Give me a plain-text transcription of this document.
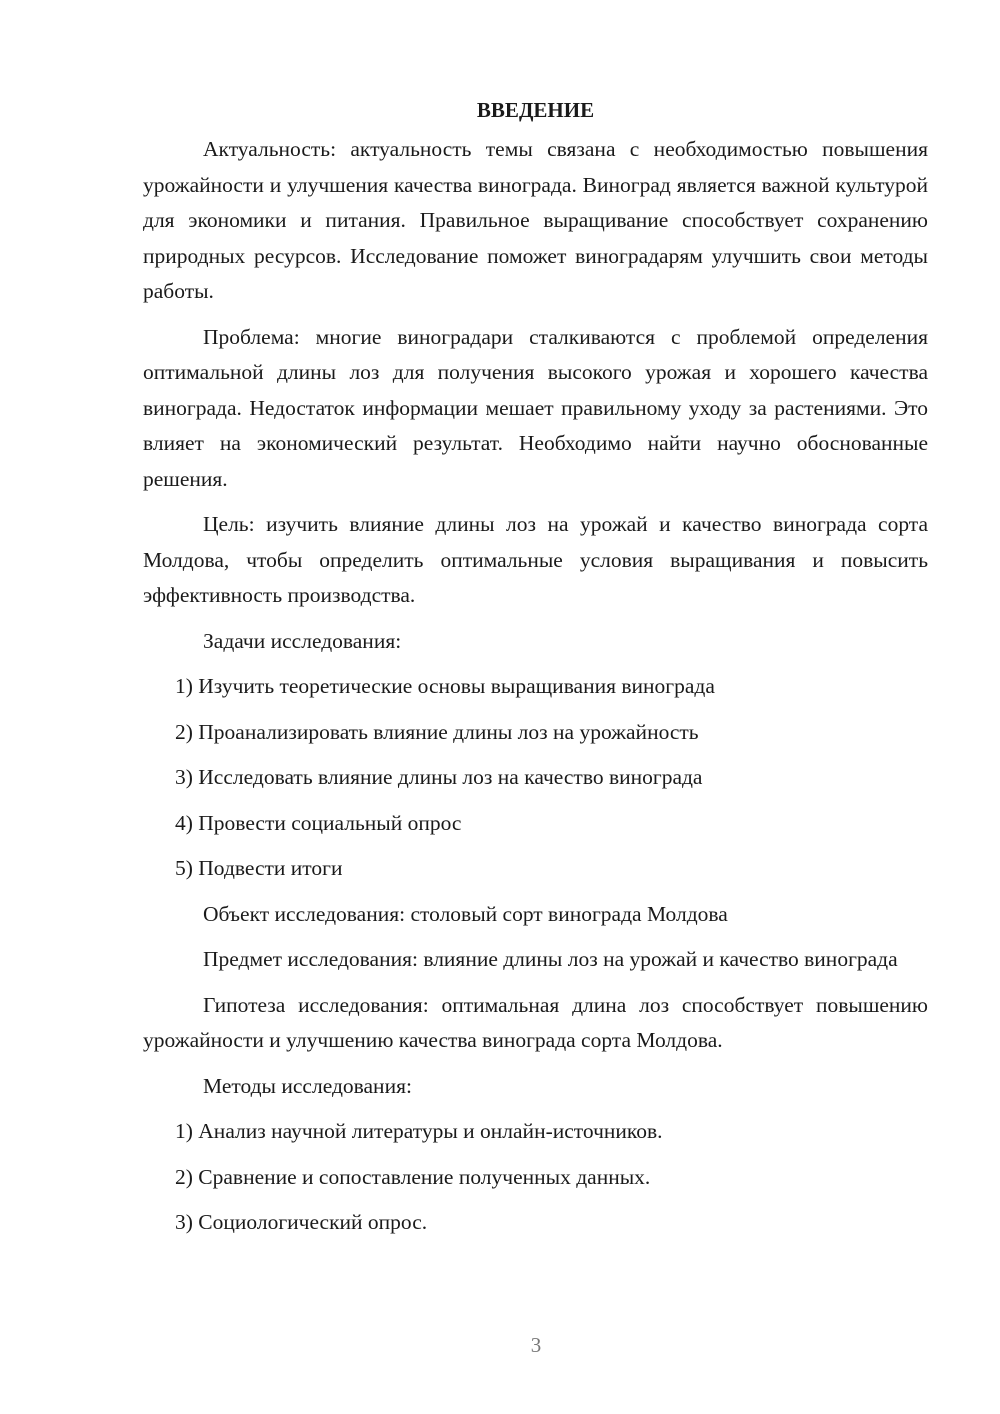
ВВЕДЕНИЕ

Актуальность: актуальность темы связана с необходимостью повышения урожайности и улучшения качества винограда. Виноград является важной культурой для экономики и питания. Правильное выращивание способствует сохранению природных ресурсов. Исследование поможет виноградарям улучшить свои методы работы.

Проблема: многие виноградари сталкиваются с проблемой определения оптимальной длины лоз для получения высокого урожая и хорошего качества винограда. Недостаток информации мешает правильному уходу за растениями. Это влияет на экономический результат. Необходимо найти научно обоснованные решения.

Цель: изучить влияние длины лоз на урожай и качество винограда сорта Молдова, чтобы определить оптимальные условия выращивания и повысить эффективность производства.

Задачи исследования:

1) Изучить теоретические основы выращивания винограда
2) Проанализировать влияние длины лоз на урожайность
3) Исследовать влияние длины лоз на качество винограда
4) Провести социальный опрос
5) Подвести итоги

Объект исследования: столовый сорт винограда Молдова

Предмет исследования: влияние длины лоз на урожай и качество винограда

Гипотеза исследования: оптимальная длина лоз способствует повышению урожайности и улучшению качества винограда сорта Молдова.

Методы исследования:

1) Анализ научной литературы и онлайн-источников.
2) Сравнение и сопоставление полученных данных.
3) Социологический опрос.
3
